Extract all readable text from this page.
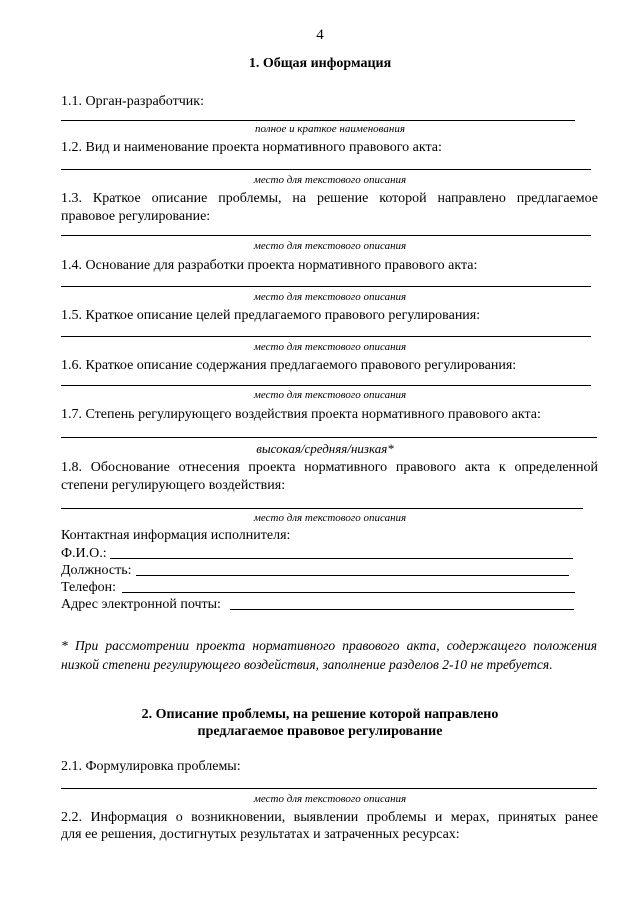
4
1. Общая информация
1.1. Орган-разработчик:
полное и краткое наименования
1.2. Вид и наименование проекта нормативного правового акта:
место для текстового описания
1.3. Краткое описание проблемы, на решение которой направлено предлагаемое
правовое регулирование:
место для текстового описания
1.4. Основание для разработки проекта нормативного правового акта:
место для текстового описания
1.5. Краткое описание целей предлагаемого правового регулирования:
место для текстового описания
1.6. Краткое описание содержания предлагаемого правового регулирования:
место для текстового описания
1.7. Степень регулирующего воздействия проекта нормативного правового акта:
высокая/средняя/низкая*
1.8. Обоснование отнесения проекта нормативного правового акта к определенной
степени регулирующего воздействия:
место для текстового описания
Контактная информация исполнителя:
Ф.И.О.:
Должность:
Телефон:
Адрес электронной почты:
* При рассмотрении проекта нормативного правового акта, содержащего положения низкой степени регулирующего воздействия, заполнение разделов 2-10 не требуется.
2. Описание проблемы, на решение которой направлено
предлагаемое правовое регулирование
2.1. Формулировка проблемы:
место для текстового описания
2.2. Информация о возникновении, выявлении проблемы и мерах, принятых ранее
для ее решения, достигнутых результатах и затраченных ресурсах:
